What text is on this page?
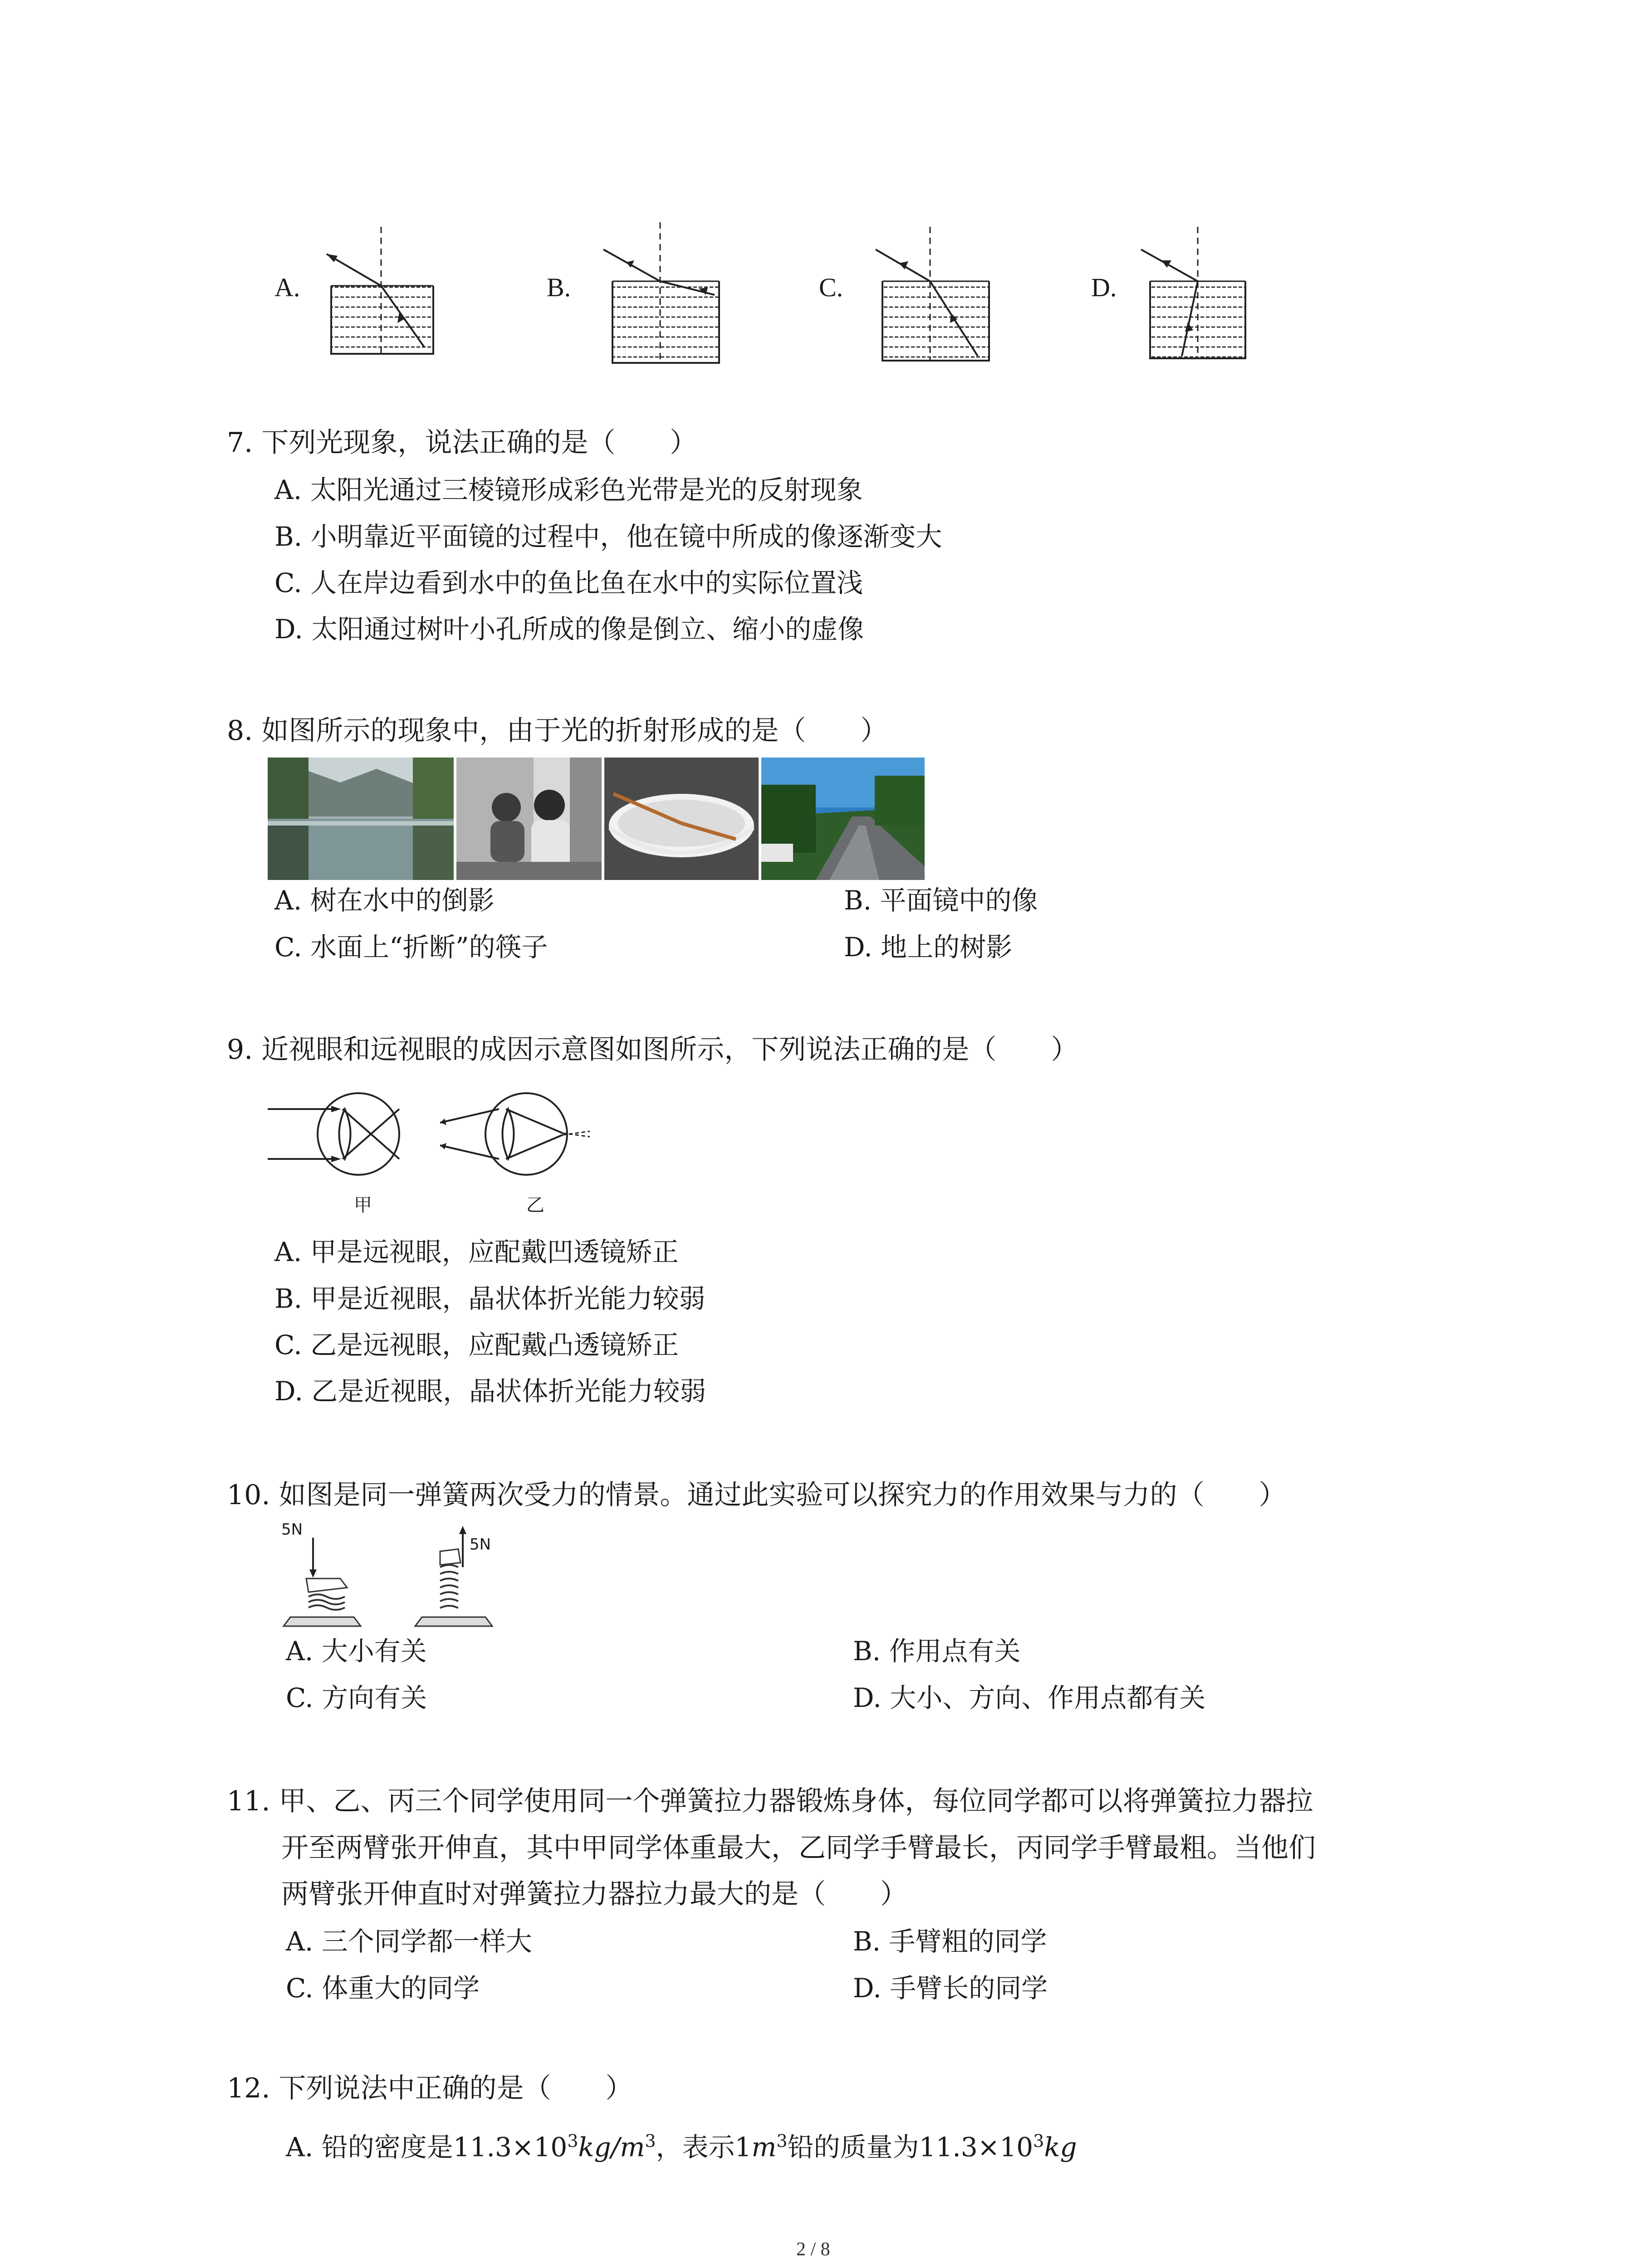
A.	B.	C.	D.
7. 下列光现象，说法正确的是（　　）
A. 太阳光通过三棱镜形成彩色光带是光的反射现象
B. 小明靠近平面镜的过程中，他在镜中所成的像逐渐变大
C. 人在岸边看到水中的鱼比鱼在水中的实际位置浅
D. 太阳通过树叶小孔所成的像是倒立、缩小的虚像
8. 如图所示的现象中，由于光的折射形成的是（　　）
A. 树在水中的倒影	B. 平面镜中的像
C. 水面上“折断”的筷子	D. 地上的树影
9. 近视眼和远视眼的成因示意图如图所示，下列说法正确的是（　　）
甲	乙
A. 甲是远视眼，应配戴凹透镜矫正
B. 甲是近视眼，晶状体折光能力较弱
C. 乙是远视眼，应配戴凸透镜矫正
D. 乙是近视眼，晶状体折光能力较弱
10. 如图是同一弹簧两次受力的情景。通过此实验可以探究力的作用效果与力的（　　）
5N
5N
A. 大小有关	B. 作用点有关
C. 方向有关	D. 大小、方向、作用点都有关
11. 甲、乙、丙三个同学使用同一个弹簧拉力器锻炼身体，每位同学都可以将弹簧拉力器拉
开至两臂张开伸直，其中甲同学体重最大，乙同学手臂最长，丙同学手臂最粗。当他们
两臂张开伸直时对弹簧拉力器拉力最大的是（　　）
A. 三个同学都一样大	B. 手臂粗的同学
C. 体重大的同学	D. 手臂长的同学
12. 下列说法中正确的是（　　）
A. 铅的密度是$11.3\times 10^3kg/m^3$，表示$1m^3$铅的质量为$11.3\times 10^3kg$
2 / 8
